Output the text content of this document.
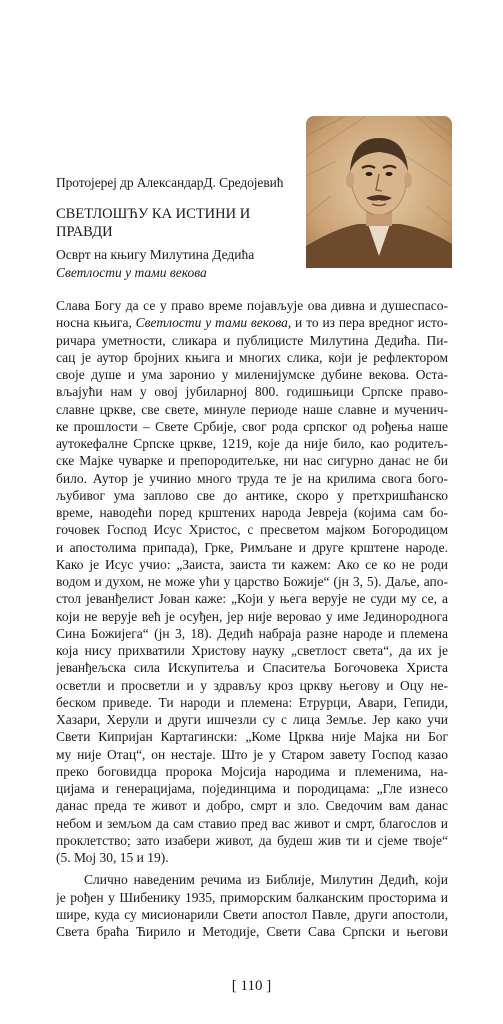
Протојереј др АлександарД. Средојевић
СВЕТЛОШЋУ КА ИСТИНИ И ПРАВДИ
Осврт на књигу Милутина Дедића
Светлости у тами векова
Слава Богу да се у право време појављује ова дивна и душеспасо-
носна књига, Светлости у тами векова, и то из пера вредног исто-
ричара уметности, сликара и публицисте Милутина Дедића. Пи-
сац је аутор бројних књига и многих слика, који је рефлектором
своје душе и ума заронио у миленијумске дубине векова. Оста-
вљајући нам у овој јубиларној 800. годишњици Српске право-
славне цркве, све свете, минуле периоде наше славне и мученич-
ке прошлости – Свете Србије, свог рода српског од рођења наше
аутокефалне Српске цркве, 1219, које да није било, као родитељ-
ске Мајке чуварке и препородитељке, ни нас сигурно данас не би
било. Аутор је учинио много труда те је на крилима свога бого-
љубивог ума заплово све до антике, скоро у претхришћанско
време, наводећи поред крштених народа Јевреја (којима сам бо-
гочовек Господ Исус Христос, с пресветом мајком Богородицом
и апостолима припада), Грке, Римљане и друге крштене народе.
Како је Исус учио: „Заиста, заиста ти кажем: Ако се ко не роди
водом и духом, не може ући у царство Божије“ (јн 3, 5). Даље, апо-
стол јеванђелист Јован каже: „Који у њега верује не суди му се, а
који не верује већ је осуђен, јер није веровао у име Јединороднога
Сина Божијега“ (јн 3, 18). Дедић набраја разне народе и племена
која нису прихватили Христову науку „светлост света“, да их је
јеванђељска сила Искупитеља и Спаситеља Богочовека Христа
осветли и просветли и у здрављу кроз цркву његову и Оцу не-
беском приведе. Ти народи и племена: Етрурци, Авари, Гепиди,
Хазари, Херули и други ишчезли су с лица Земље. Јер како учи
Свети Кипријан Картагински: „Коме Црква није Мајка ни Бог
му није Отац“, он нестаје. Што је у Старом завету Господ казао
преко боговидца пророка Мојсија народима и племенима, на-
цијама и генерацијама, појединцима и породицама: „Гле изнесо
данас преда те живот и добро, смрт и зло. Сведочим вам данас
небом и земљом да сам ставио пред вас живот и смрт, благослов и
проклетство; зато изабери живот, да будеш жив ти и сјеме твоје“
(5. Мој 30, 15 и 19).
Слично наведеним речима из Библије, Милутин Дедић, који
је рођен у Шибенику 1935, приморским балканским просторима и
шире, куда су мисионарили Свети апостол Павле, други апостоли,
Света браћа Ћирило и Методије, Свети Сава Српски и његови
[ 110 ]
